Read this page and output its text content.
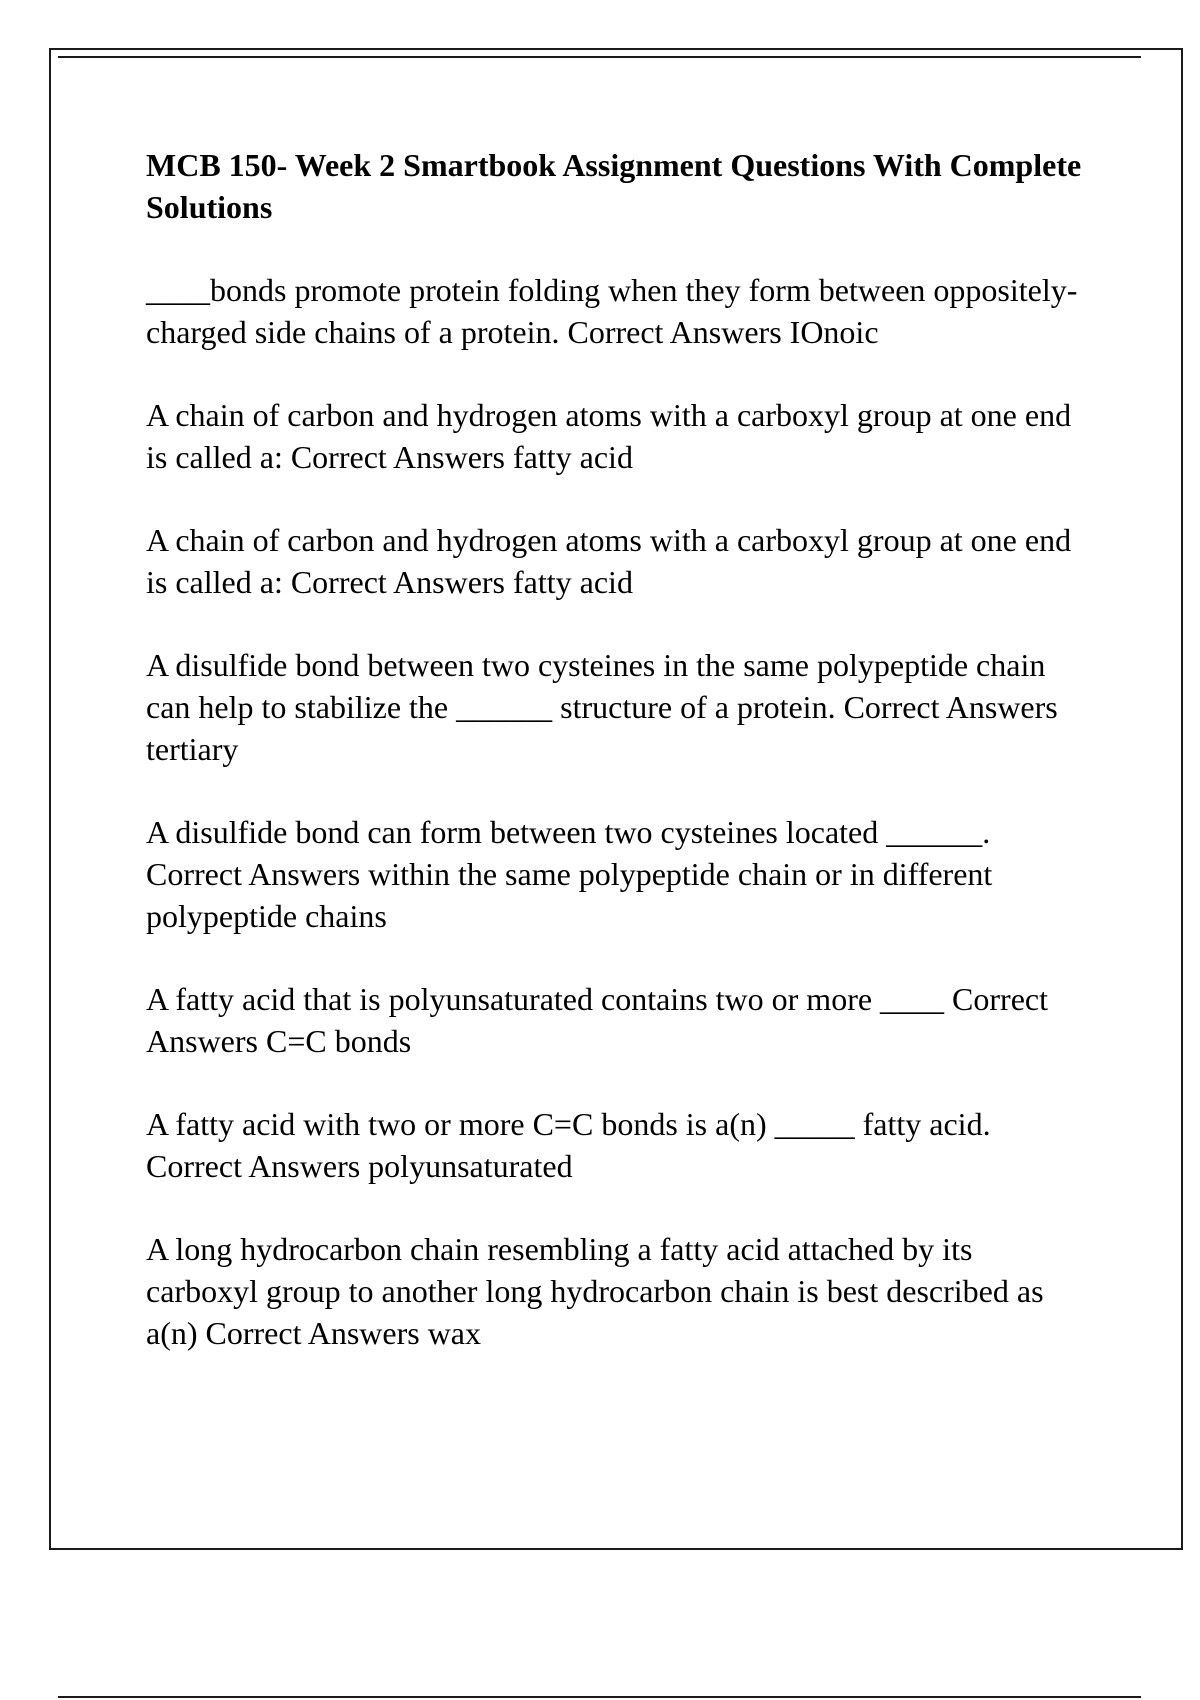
MCB 150- Week 2 Smartbook Assignment Questions With Complete Solutions

____bonds promote protein folding when they form between oppositely-charged side chains of a protein. Correct Answers IOnoic

A chain of carbon and hydrogen atoms with a carboxyl group at one end is called a: Correct Answers fatty acid

A chain of carbon and hydrogen atoms with a carboxyl group at one end is called a: Correct Answers fatty acid

A disulfide bond between two cysteines in the same polypeptide chain can help to stabilize the ______ structure of a protein. Correct Answers tertiary

A disulfide bond can form between two cysteines located ______. Correct Answers within the same polypeptide chain or in different polypeptide chains

A fatty acid that is polyunsaturated contains two or more ____ Correct Answers C=C bonds

A fatty acid with two or more C=C bonds is a(n) _____ fatty acid. Correct Answers polyunsaturated

A long hydrocarbon chain resembling a fatty acid attached by its carboxyl group to another long hydrocarbon chain is best described as a(n) Correct Answers wax
